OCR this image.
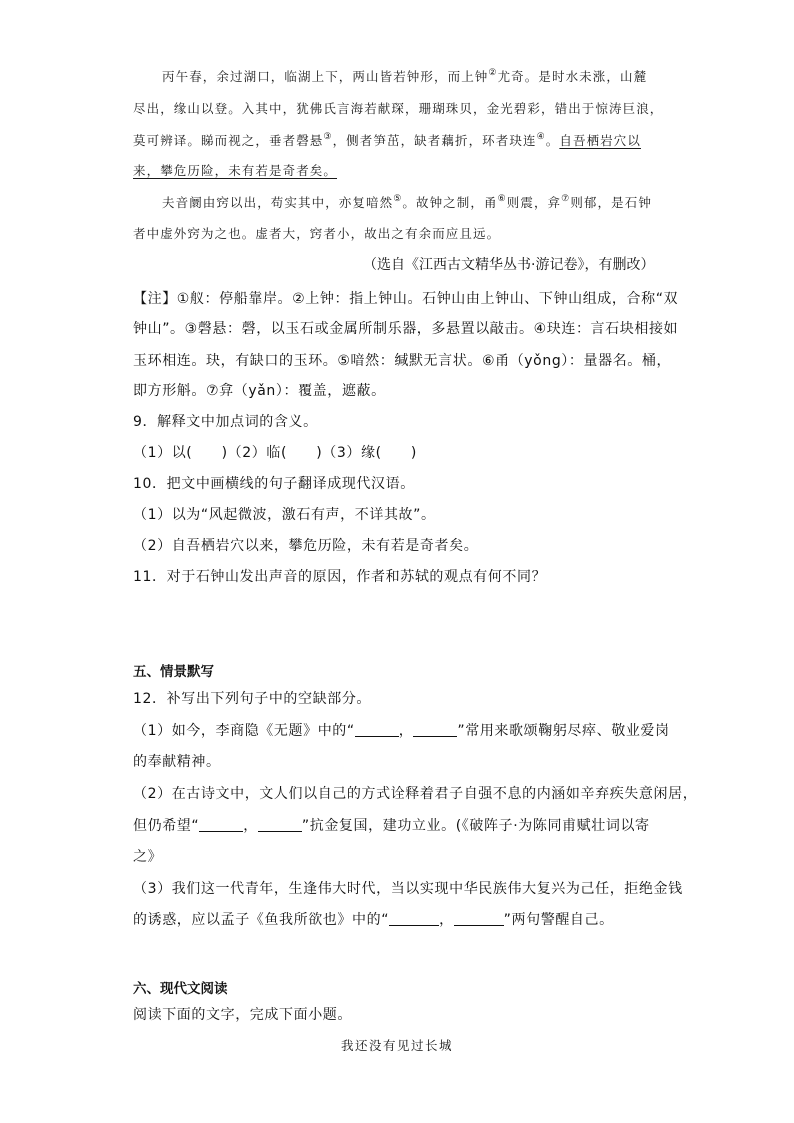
丙午春，余过湖口，临湖上下，两山皆若钟形，而上钟②尤奇。是时水未涨，山麓
尽出，缘山以登。入其中，犹佛氏言海若献琛，珊瑚珠贝，金光碧彩，错出于惊涛巨浪，
莫可辨译。睇而视之，垂者磬悬③，侧者笋茁，缺者藕折，环者玦连④。自吾栖岩穴以
来，攀危历险，未有若是奇者矣。
夫音阛由窍以出，苟实其中，亦复喑然⑤。故钟之制，甬⑥则震，弇⑦则郁，是石钟
者中虚外窍为之也。虚者大，窍者小，故出之有余而应且远。
（选自《江西古文精华丛书·游记卷》，有删改）
【注】①舣：停船靠岸。②上钟：指上钟山。石钟山由上钟山、下钟山组成，合称“双
钟山”。③磬悬：磬，以玉石或金属所制乐器，多悬置以敲击。④玦连：言石块相接如
玉环相连。玦，有缺口的玉环。⑤喑然：缄默无言状。⑥甬（yǒng）：量器名。桶，
即方形斛。⑦弇（yǎn）：覆盖，遮蔽。
9．解释文中加点词的含义。
（1）以(　　)（2）临(　　)（3）缘(　　)
10．把文中画横线的句子翻译成现代汉语。
（1）以为“风起微波，激石有声，不详其故”。
（2）自吾栖岩穴以来，攀危历险，未有若是奇者矣。
11．对于石钟山发出声音的原因，作者和苏轼的观点有何不同？
五、情景默写
12．补写出下列句子中的空缺部分。
（1）如今，李商隐《无题》中的“	，	”常用来歌颂鞠躬尽瘁、敬业爱岗
的奉献精神。
（2）在古诗文中，文人们以自己的方式诠释着君子自强不息的内涵如辛弃疾失意闲居，
但仍希望“	，	”抗金复国，建功立业。(《破阵子·为陈同甫赋壮词以寄
之》
（3）我们这一代青年，生逢伟大时代，当以实现中华民族伟大复兴为己任，拒绝金钱
的诱惑，应以孟子《鱼我所欲也》中的“	，	”两句警醒自己。
六、现代文阅读
阅读下面的文字，完成下面小题。
我还没有见过长城
